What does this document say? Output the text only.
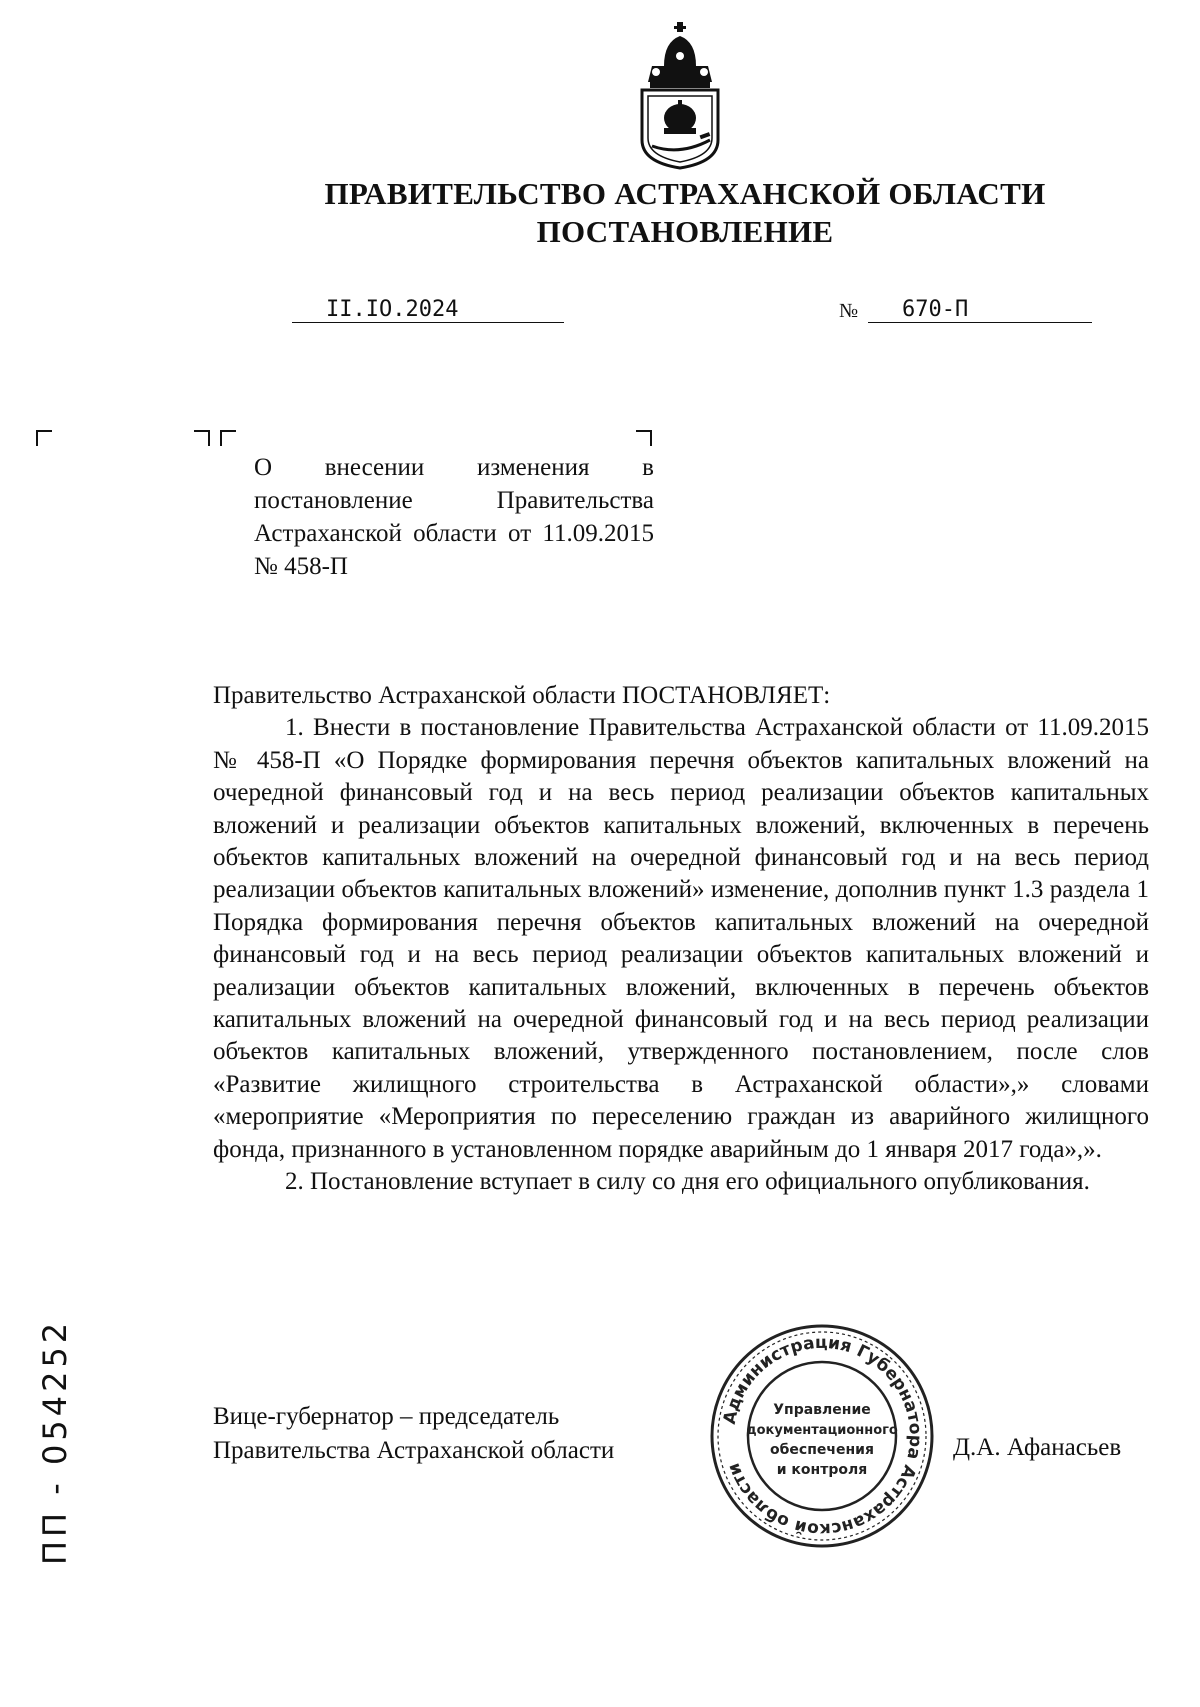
ПРАВИТЕЛЬСТВО АСТРАХАНСКОЙ ОБЛАСТИ
ПОСТАНОВЛЕНИЕ
II.IO.2024	№	670-П
О внесении изменения в постановление Правительства Астраханской области от 11.09.2015 № 458-П

Правительство Астраханской области ПОСТАНОВЛЯЕТ:

1. Внести в постановление Правительства Астраханской области от 11.09.2015 № 458-П «О Порядке формирования перечня объектов капитальных вложений на очередной финансовый год и на весь период реализации объектов капитальных вложений и реализации объектов капитальных вложений, включенных в перечень объектов капитальных вложений на очередной финансовый год и на весь период реализации объектов капитальных вложений» изменение, дополнив пункт 1.3 раздела 1 Порядка формирования перечня объектов капитальных вложений на очередной финансовый год и на весь период реализации объектов капитальных вложений и реализации объектов капитальных вложений, включенных в перечень объектов капитальных вложений на очередной финансовый год и на весь период реализации объектов капитальных вложений, утвержденного постановлением, после слов «Развитие жилищного строительства в Астраханской области»,» словами «мероприятие «Мероприятия по переселению граждан из аварийного жилищного фонда, признанного в установленном порядке аварийным до 1 января 2017 года»,».

2. Постановление вступает в силу со дня его официального опубликования.

Вице-губернатор – председатель
Правительства Астраханской области
Администрация Губернатора Астраханской области
Управление
документационного
обеспечения
и контроля
Д.А. Афанасьев
ПП - 054252
